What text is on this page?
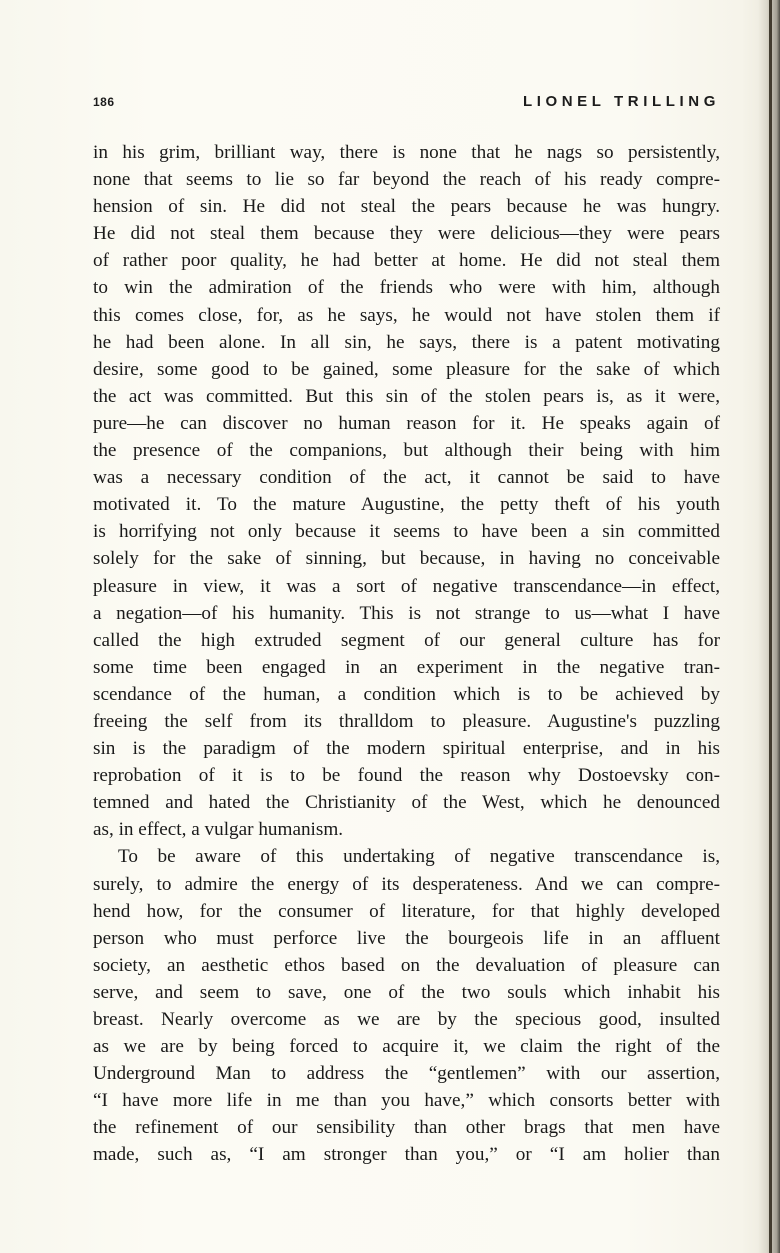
186	LIONEL TRILLING
in his grim, brilliant way, there is none that he nags so persistently,
none that seems to lie so far beyond the reach of his ready compre-
hension of sin. He did not steal the pears because he was hungry.
He did not steal them because they were delicious—they were pears
of rather poor quality, he had better at home. He did not steal them
to win the admiration of the friends who were with him, although
this comes close, for, as he says, he would not have stolen them if
he had been alone. In all sin, he says, there is a patent motivating
desire, some good to be gained, some pleasure for the sake of which
the act was committed. But this sin of the stolen pears is, as it were,
pure—he can discover no human reason for it. He speaks again of
the presence of the companions, but although their being with him
was a necessary condition of the act, it cannot be said to have
motivated it. To the mature Augustine, the petty theft of his youth
is horrifying not only because it seems to have been a sin committed
solely for the sake of sinning, but because, in having no conceivable
pleasure in view, it was a sort of negative transcendance—in effect,
a negation—of his humanity. This is not strange to us—what I have
called the high extruded segment of our general culture has for
some time been engaged in an experiment in the negative tran-
scendance of the human, a condition which is to be achieved by
freeing the self from its thralldom to pleasure. Augustine's puzzling
sin is the paradigm of the modern spiritual enterprise, and in his
reprobation of it is to be found the reason why Dostoevsky con-
temned and hated the Christianity of the West, which he denounced
as, in effect, a vulgar humanism.
To be aware of this undertaking of negative transcendance is,
surely, to admire the energy of its desperateness. And we can compre-
hend how, for the consumer of literature, for that highly developed
person who must perforce live the bourgeois life in an affluent
society, an aesthetic ethos based on the devaluation of pleasure can
serve, and seem to save, one of the two souls which inhabit his
breast. Nearly overcome as we are by the specious good, insulted
as we are by being forced to acquire it, we claim the right of the
Underground Man to address the “gentlemen” with our assertion,
“I have more life in me than you have,” which consorts better with
the refinement of our sensibility than other brags that men have
made, such as, “I am stronger than you,” or “I am holier than
